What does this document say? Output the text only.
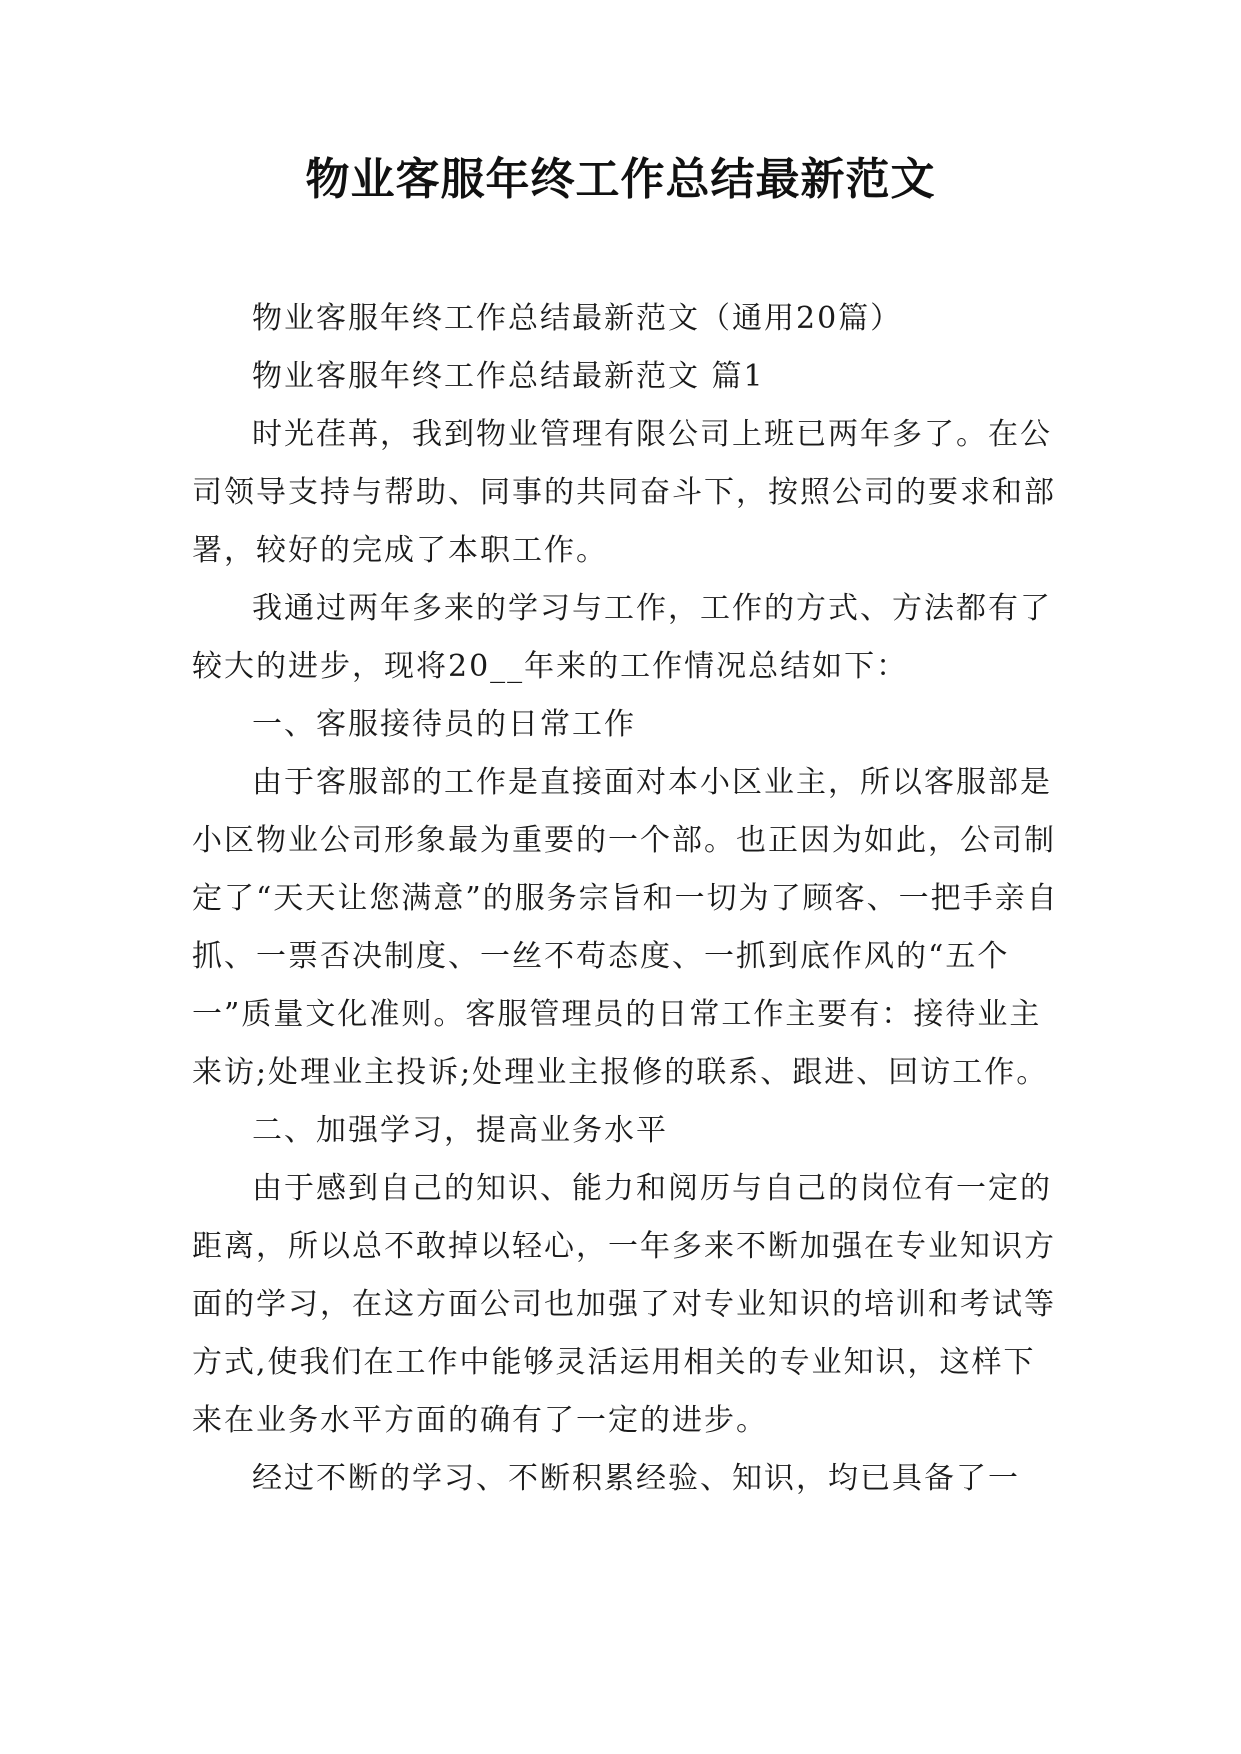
物业客服年终工作总结最新范文

物业客服年终工作总结最新范文（通用20篇）

物业客服年终工作总结最新范文 篇1

时光荏苒，我到物业管理有限公司上班已两年多了。在公司领导支持与帮助、同事的共同奋斗下，按照公司的要求和部署，较好的完成了本职工作。

我通过两年多来的学习与工作，工作的方式、方法都有了较大的进步，现将20__年来的工作情况总结如下：

一、客服接待员的日常工作

由于客服部的工作是直接面对本小区业主，所以客服部是小区物业公司形象最为重要的一个部。也正因为如此，公司制定了“天天让您满意”的服务宗旨和一切为了顾客、一把手亲自抓、一票否决制度、一丝不苟态度、一抓到底作风的“五个一”质量文化准则。客服管理员的日常工作主要有：接待业主来访;处理业主投诉;处理业主报修的联系、跟进、回访工作。

二、加强学习，提高业务水平

由于感到自己的知识、能力和阅历与自己的岗位有一定的距离，所以总不敢掉以轻心，一年多来不断加强在专业知识方面的学习，在这方面公司也加强了对专业知识的培训和考试等方式,使我们在工作中能够灵活运用相关的专业知识，这样下来在业务水平方面的确有了一定的进步。

经过不断的学习、不断积累经验、知识，均已具备了一
